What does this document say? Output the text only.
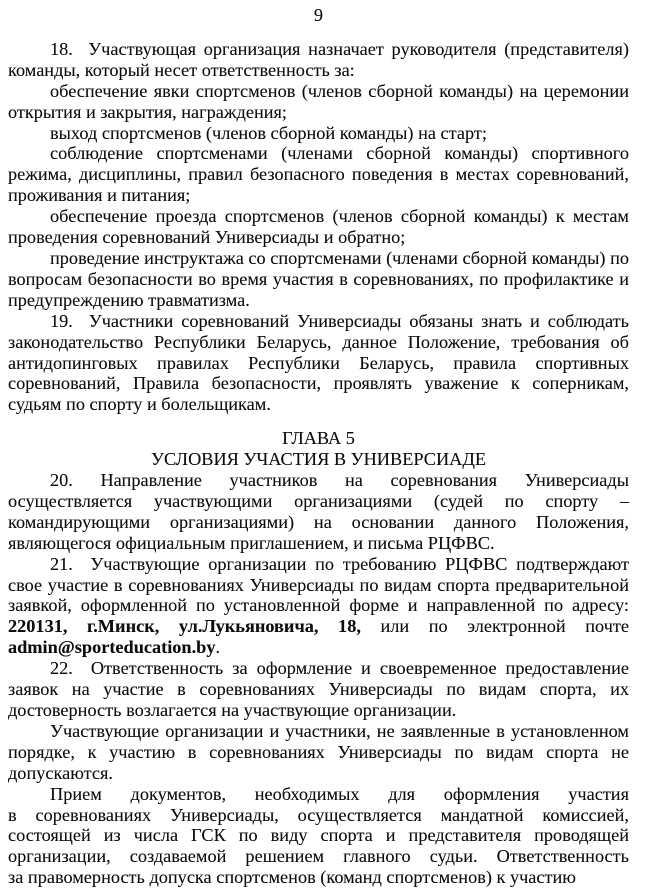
9

18.  Участвующая организация назначает руководителя (представителя) команды, который несет ответственность за:

обеспечение явки спортсменов (членов сборной команды) на церемонии открытия и закрытия, награждения;

выход спортсменов (членов сборной команды) на старт;

соблюдение спортсменами (членами сборной команды) спортивного режима, дисциплины, правил безопасного поведения в местах соревнований, проживания и питания;

обеспечение проезда спортсменов (членов сборной команды) к местам проведения соревнований Универсиады и обратно;

проведение инструктажа со спортсменами (членами сборной команды) по вопросам безопасности во время участия в соревнованиях, по профилактике и предупреждению травматизма.

19.  Участники соревнований Универсиады обязаны знать и соблюдать законодательство Республики Беларусь, данное Положение, требования об антидопинговых правилах Республики Беларусь, правила спортивных соревнований, Правила безопасности, проявлять уважение к соперникам, судьям по спорту и болельщикам.

ГЛАВА 5
УСЛОВИЯ УЧАСТИЯ В УНИВЕРСИАДЕ

20. Направление участников на соревнования Универсиады осуществляется участвующими организациями (судей по спорту – командирующими организациями) на основании данного Положения, являющегося официальным приглашением, и письма РЦФВС.

21.  Участвующие организации по требованию РЦФВС подтверждают свое участие в соревнованиях Универсиады по видам спорта предварительной заявкой, оформленной по установленной форме и направленной по адресу: 220131, г.Минск, ул.Лукьяновича, 18, или по электронной почте admin@sporteducation.by.

22.  Ответственность за оформление и своевременное предоставление заявок на участие в соревнованиях Универсиады по видам спорта, их достоверность возлагается на участвующие организации.

Участвующие организации и участники, не заявленные в установленном порядке, к участию в соревнованиях Универсиады по видам спорта не допускаются.

Прием документов, необходимых для оформления участия в соревнованиях Универсиады, осуществляется мандатной комиссией, состоящей из числа ГСК по виду спорта и представителя проводящей организации, создаваемой решением главного судьи. Ответственность за правомерность допуска спортсменов (команд спортсменов) к участию
